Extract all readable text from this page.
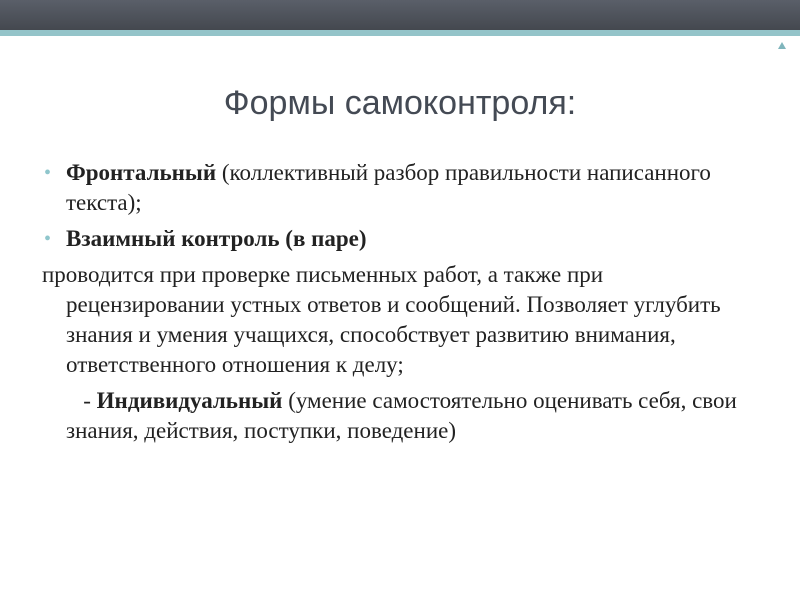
Формы самоконтроля:
• Фронтальный (коллективный разбор правильности написанного текста);
• Взаимный контроль (в паре)
проводится при проверке письменных работ, а также при рецензировании устных ответов и сообщений. Позволяет углубить знания и умения учащихся, способствует развитию внимания, ответственного отношения к делу;
- Индивидуальный (умение самостоятельно оценивать себя, свои знания, действия, поступки, поведение)
